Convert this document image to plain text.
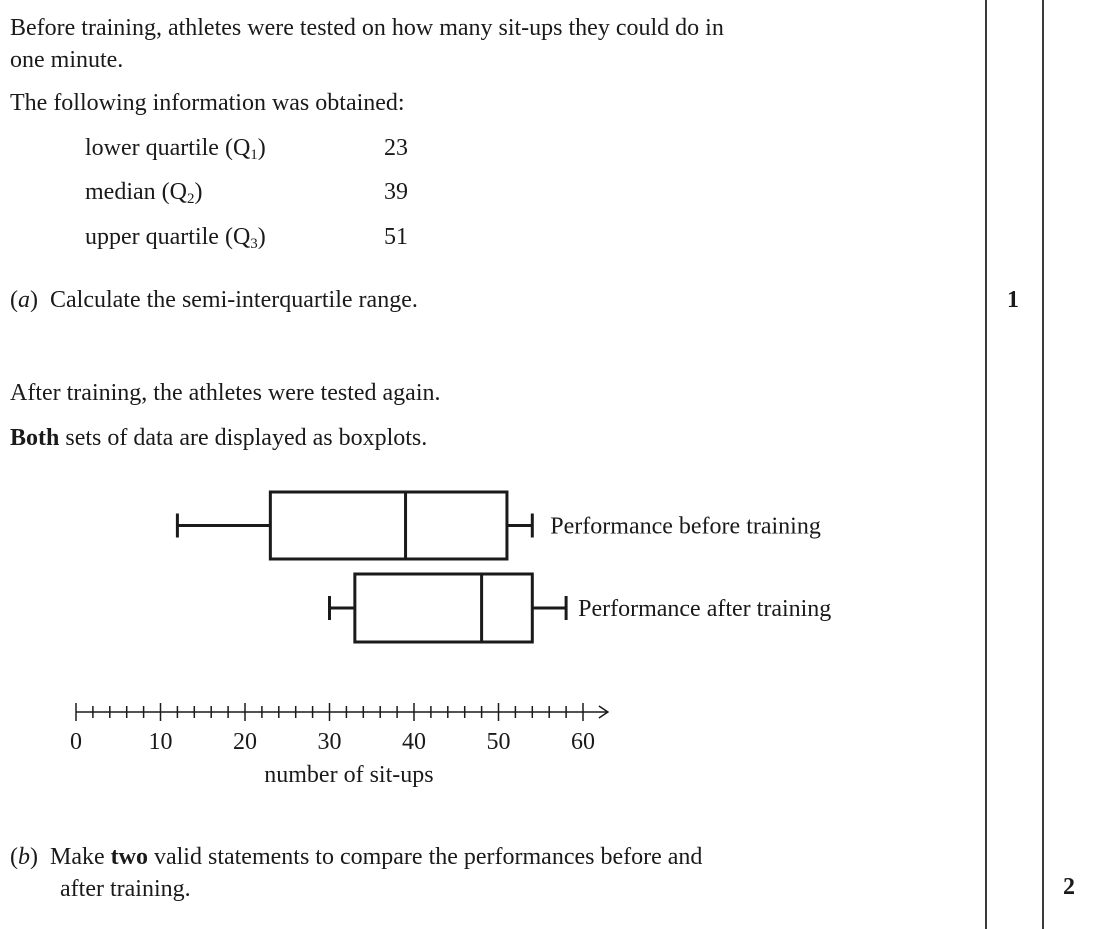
Before training, athletes were tested on how many sit-ups they could do in
one minute.
The following information was obtained:
lower quartile $(Q_1)$	23
median $(Q_2)$	39
upper quartile $(Q_3)$	51
(a)  Calculate the semi-interquartile range.	1
After training, the athletes were tested again.
Both sets of data are displayed as boxplots.
Performance before training
Performance after training
0	10	20	30	40	50	60
number of sit-ups
(b)  Make two valid statements to compare the performances before and
after training.	2
